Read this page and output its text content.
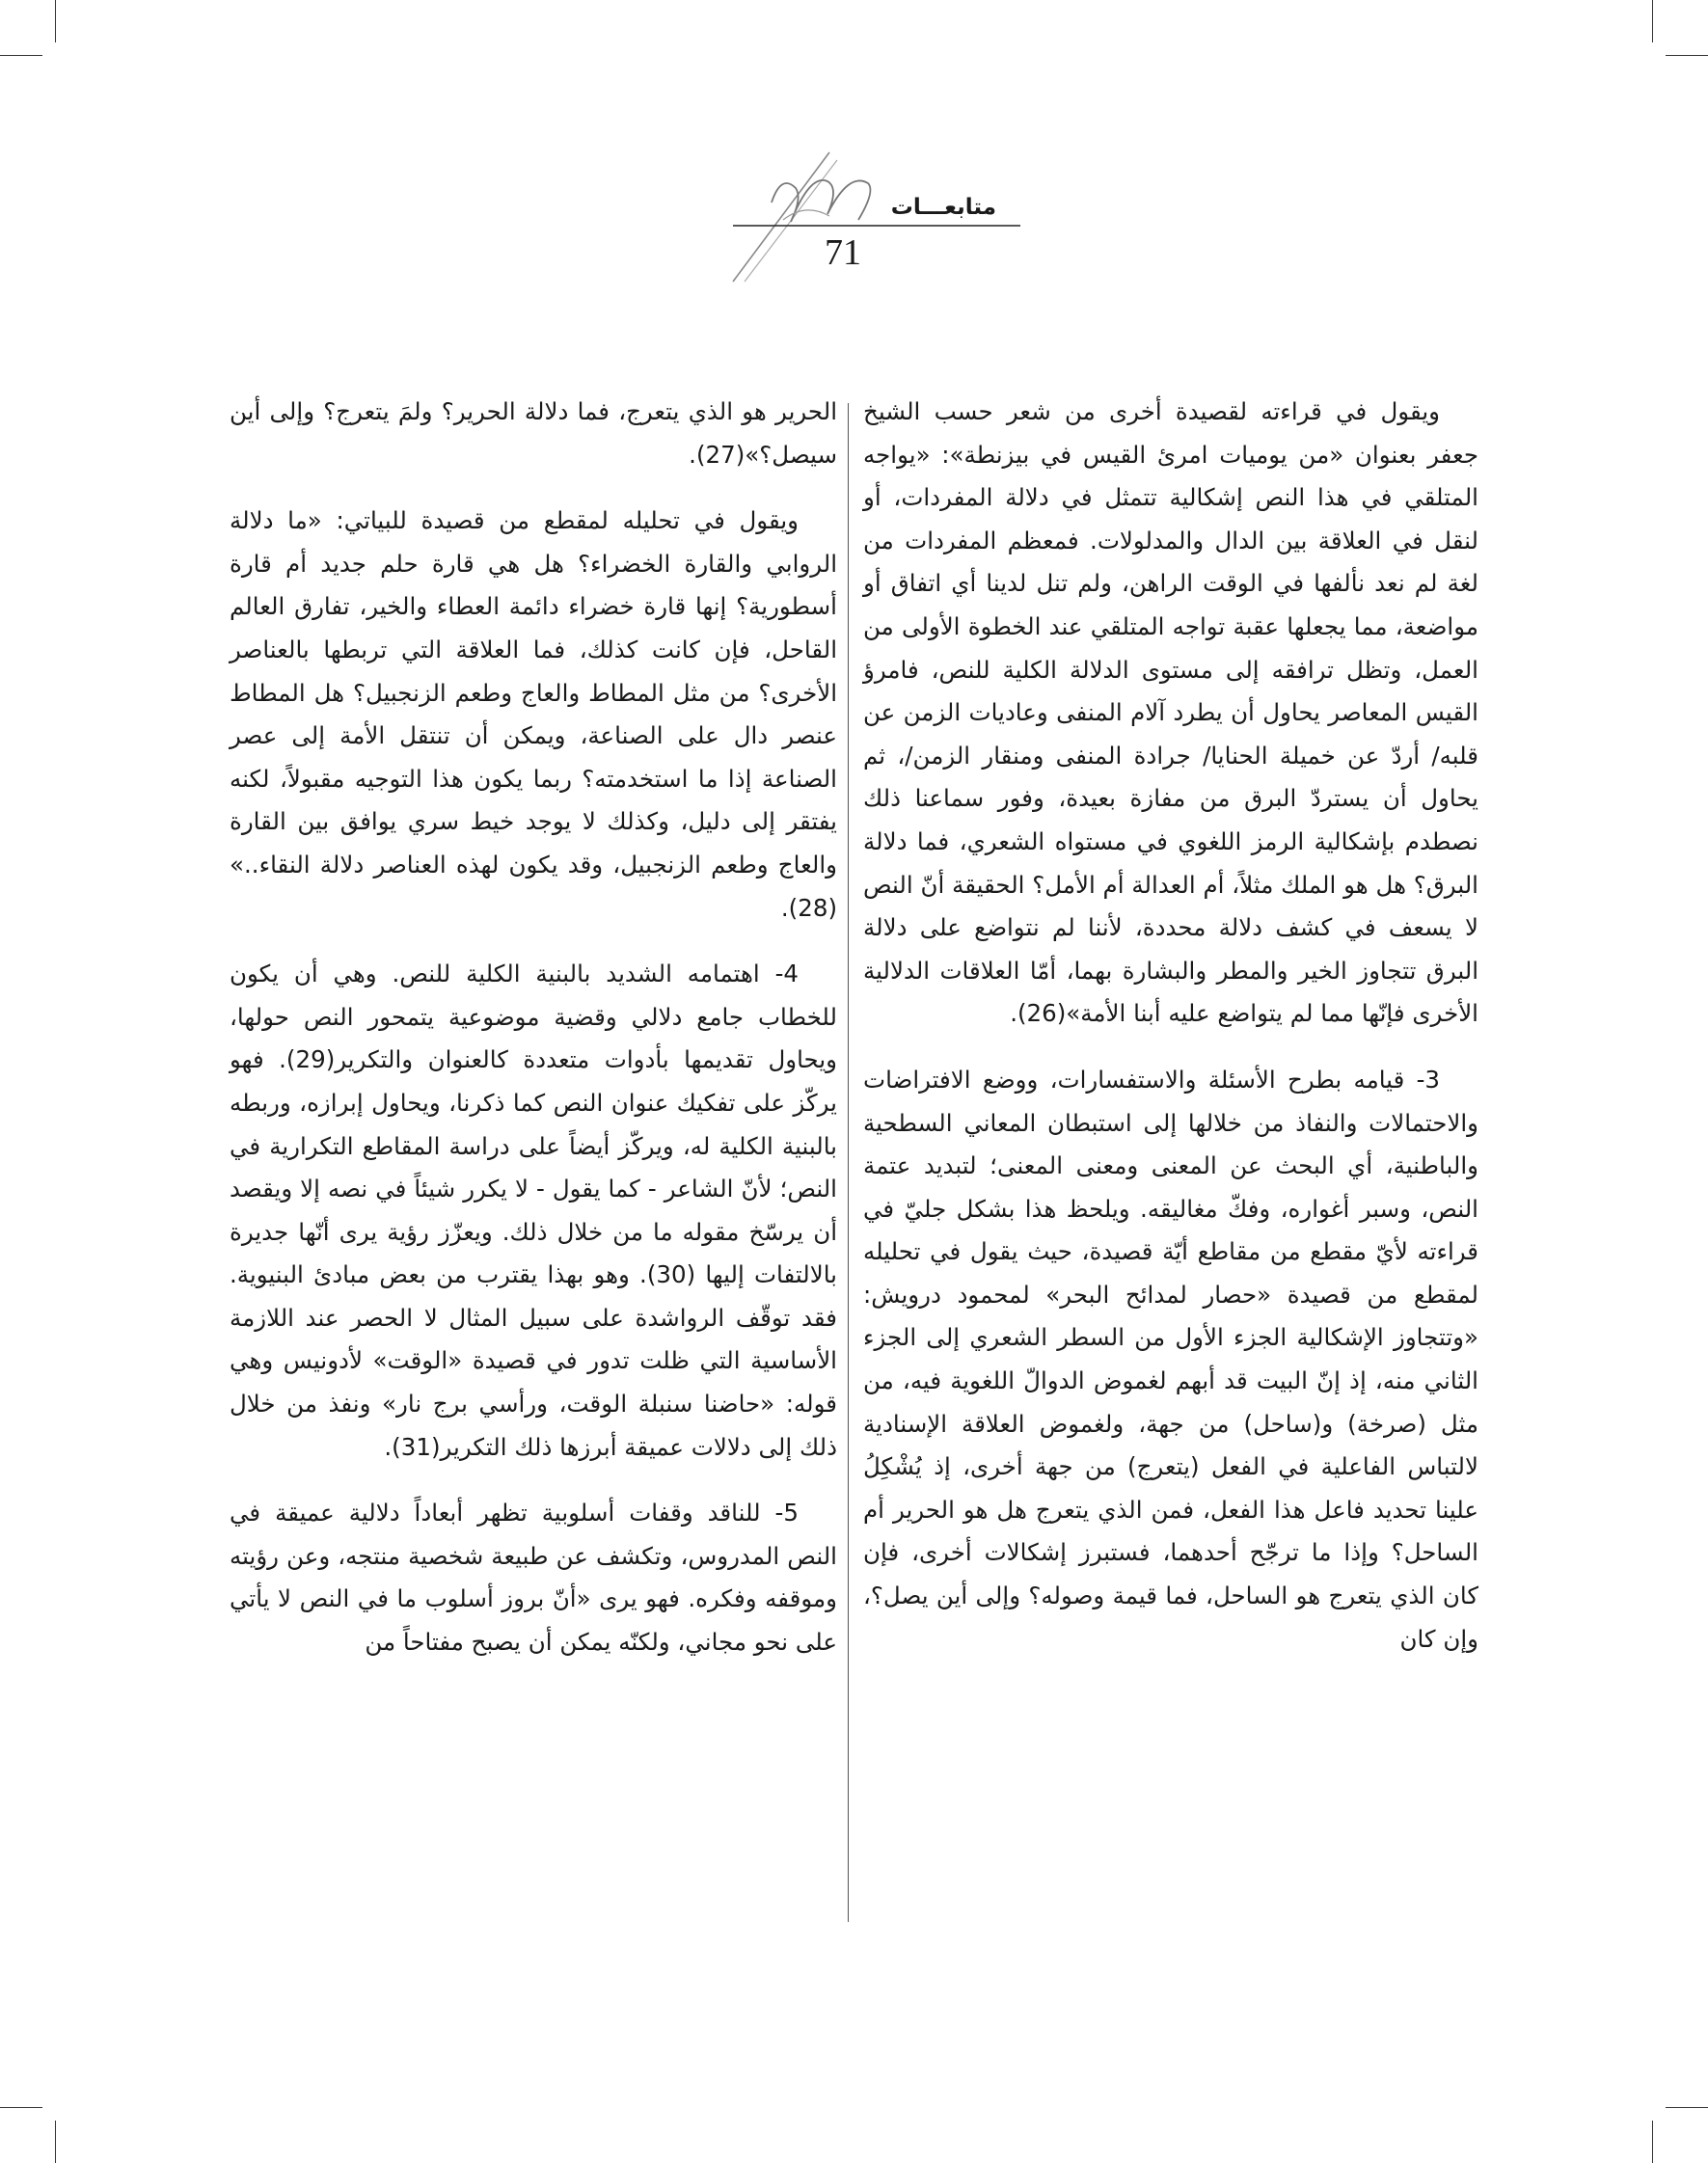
متابعـــات
71

ويقول في قراءته لقصيدة أخرى من شعر حسب الشيخ جعفر بعنوان «من يوميات امرئ القيس في بيزنطة»: «يواجه المتلقي في هذا النص إشكالية تتمثل في دلالة المفردات، أو لنقل في العلاقة بين الدال والمدلولات. فمعظم المفردات من لغة لم نعد نألفها في الوقت الراهن، ولم تنل لدينا أي اتفاق أو مواضعة، مما يجعلها عقبة تواجه المتلقي عند الخطوة الأولى من العمل، وتظل ترافقه إلى مستوى الدلالة الكلية للنص، فامرؤ القيس المعاصر يحاول أن يطرد آلام المنفى وعاديات الزمن عن قلبه/ أردّ عن خميلة الحنايا/ جرادة المنفى ومنقار الزمن/، ثم يحاول أن يستردّ البرق من مفازة بعيدة، وفور سماعنا ذلك نصطدم بإشكالية الرمز اللغوي في مستواه الشعري، فما دلالة البرق؟ هل هو الملك مثلاً، أم العدالة أم الأمل؟ الحقيقة أنّ النص لا يسعف في كشف دلالة محددة، لأننا لم نتواضع على دلالة البرق تتجاوز الخير والمطر والبشارة بهما، أمّا العلاقات الدلالية الأخرى فإنّها مما لم يتواضع عليه أبنا الأمة»(26).

3- قيامه بطرح الأسئلة والاستفسارات، ووضع الافتراضات والاحتمالات والنفاذ من خلالها إلى استبطان المعاني السطحية والباطنية، أي البحث عن المعنى ومعنى المعنى؛ لتبديد عتمة النص، وسبر أغواره، وفكّ مغاليقه. ويلحظ هذا بشكل جليّ في قراءته لأيّ مقطع من مقاطع أيّة قصيدة، حيث يقول في تحليله لمقطع من قصيدة «حصار لمدائح البحر» لمحمود درويش: «وتتجاوز الإشكالية الجزء الأول من السطر الشعري إلى الجزء الثاني منه، إذ إنّ البيت قد أبهم لغموض الدوالّ اللغوية فيه، من مثل (صرخة) و(ساحل) من جهة، ولغموض العلاقة الإسنادية لالتباس الفاعلية في الفعل (يتعرج) من جهة أخرى، إذ يُشْكِلُ علينا تحديد فاعل هذا الفعل، فمن الذي يتعرج هل هو الحرير أم الساحل؟ وإذا ما ترجّح أحدهما، فستبرز إشكالات أخرى، فإن كان الذي يتعرج هو الساحل، فما قيمة وصوله؟ وإلى أين يصل؟، وإن كان

الحرير هو الذي يتعرج، فما دلالة الحرير؟ ولمَ يتعرج؟ وإلى أين سيصل؟»(27).

ويقول في تحليله لمقطع من قصيدة للبياتي: «ما دلالة الروابي والقارة الخضراء؟ هل هي قارة حلم جديد أم قارة أسطورية؟ إنها قارة خضراء دائمة العطاء والخير، تفارق العالم القاحل، فإن كانت كذلك، فما العلاقة التي تربطها بالعناصر الأخرى؟ من مثل المطاط والعاج وطعم الزنجبيل؟ هل المطاط عنصر دال على الصناعة، ويمكن أن تنتقل الأمة إلى عصر الصناعة إذا ما استخدمته؟ ربما يكون هذا التوجيه مقبولاً، لكنه يفتقر إلى دليل، وكذلك لا يوجد خيط سري يوافق بين القارة والعاج وطعم الزنجبيل، وقد يكون لهذه العناصر دلالة النقاء..» (28).

4- اهتمامه الشديد بالبنية الكلية للنص. وهي أن يكون للخطاب جامع دلالي وقضية موضوعية يتمحور النص حولها، ويحاول تقديمها بأدوات متعددة كالعنوان والتكرير(29). فهو يركّز على تفكيك عنوان النص كما ذكرنا، ويحاول إبرازه، وربطه بالبنية الكلية له، ويركّز أيضاً على دراسة المقاطع التكرارية في النص؛ لأنّ الشاعر - كما يقول - لا يكرر شيئاً في نصه إلا ويقصد أن يرسّخ مقوله ما من خلال ذلك. ويعزّز رؤية يرى أنّها جديرة بالالتفات إليها (30). وهو بهذا يقترب من بعض مبادئ البنيوية. فقد توقّف الرواشدة على سبيل المثال لا الحصر عند اللازمة الأساسية التي ظلت تدور في قصيدة «الوقت» لأدونيس وهي قوله: «حاضنا سنبلة الوقت، ورأسي برج نار» ونفذ من خلال ذلك إلى دلالات عميقة أبرزها ذلك التكرير(31).

5- للناقد وقفات أسلوبية تظهر أبعاداً دلالية عميقة في النص المدروس، وتكشف عن طبيعة شخصية منتجه، وعن رؤيته وموقفه وفكره. فهو يرى «أنّ بروز أسلوب ما في النص لا يأتي على نحو مجاني، ولكنّه يمكن أن يصبح مفتاحاً من
